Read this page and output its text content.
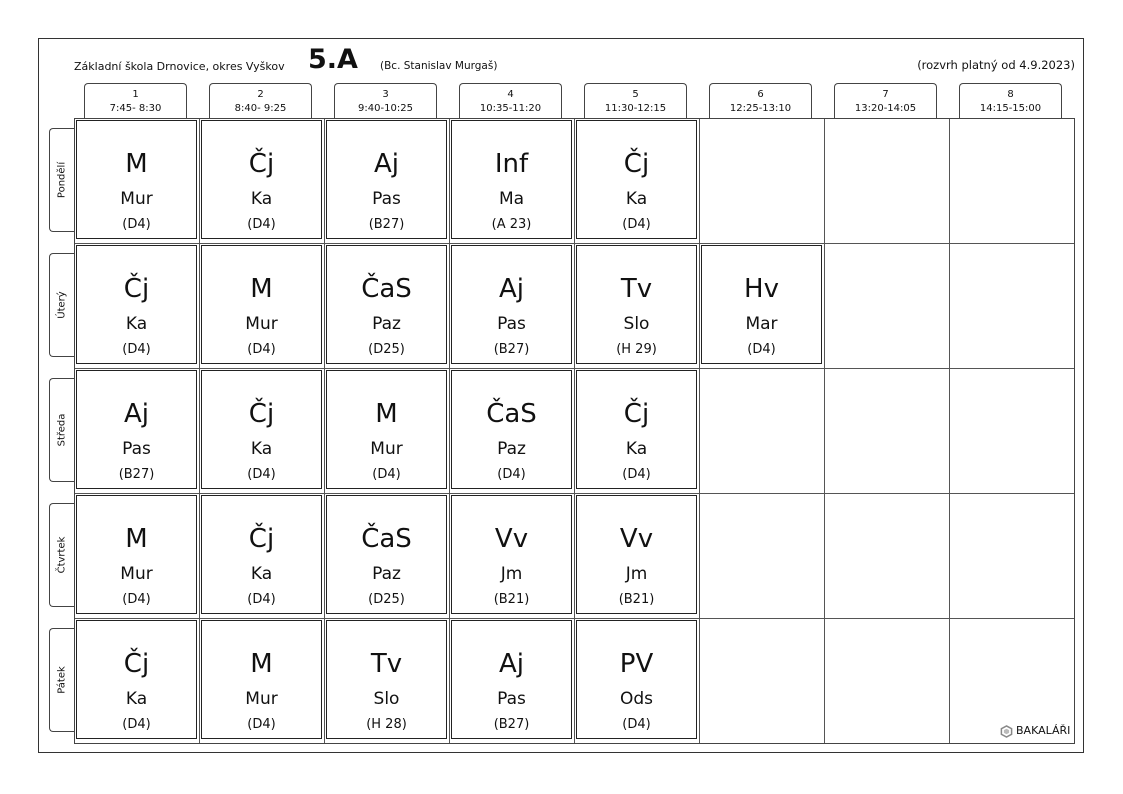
Základní škola Drnovice, okres Vyškov 5.A (Bc. Stanislav Murgaš)	(rozvrh platný od 4.9.2023)
1
7:45- 8:30
2
8:40- 9:25
3
9:40-10:25
4
10:35-11:20
5
11:30-12:15
6
12:25-13:10
7
13:20-14:05
8
14:15-15:00
Pondělí
Úterý
Středa
Čtvrtek
Pátek
M
Mur
(D4)
Čj
Ka
(D4)
Aj
Pas
(B27)
Inf
Ma
(A 23)
Čj
Ka
(D4)
Čj
Ka
(D4)
M
Mur
(D4)
ČaS
Paz
(D25)
Aj
Pas
(B27)
Tv
Slo
(H 29)
Hv
Mar
(D4)
Aj
Pas
(B27)
Čj
Ka
(D4)
M
Mur
(D4)
ČaS
Paz
(D4)
Čj
Ka
(D4)
M
Mur
(D4)
Čj
Ka
(D4)
ČaS
Paz
(D25)
Vv
Jm
(B21)
Vv
Jm
(B21)
Čj
Ka
(D4)
M
Mur
(D4)
Tv
Slo
(H 28)
Aj
Pas
(B27)
PV
Ods
(D4)	BAKALÁŘI
